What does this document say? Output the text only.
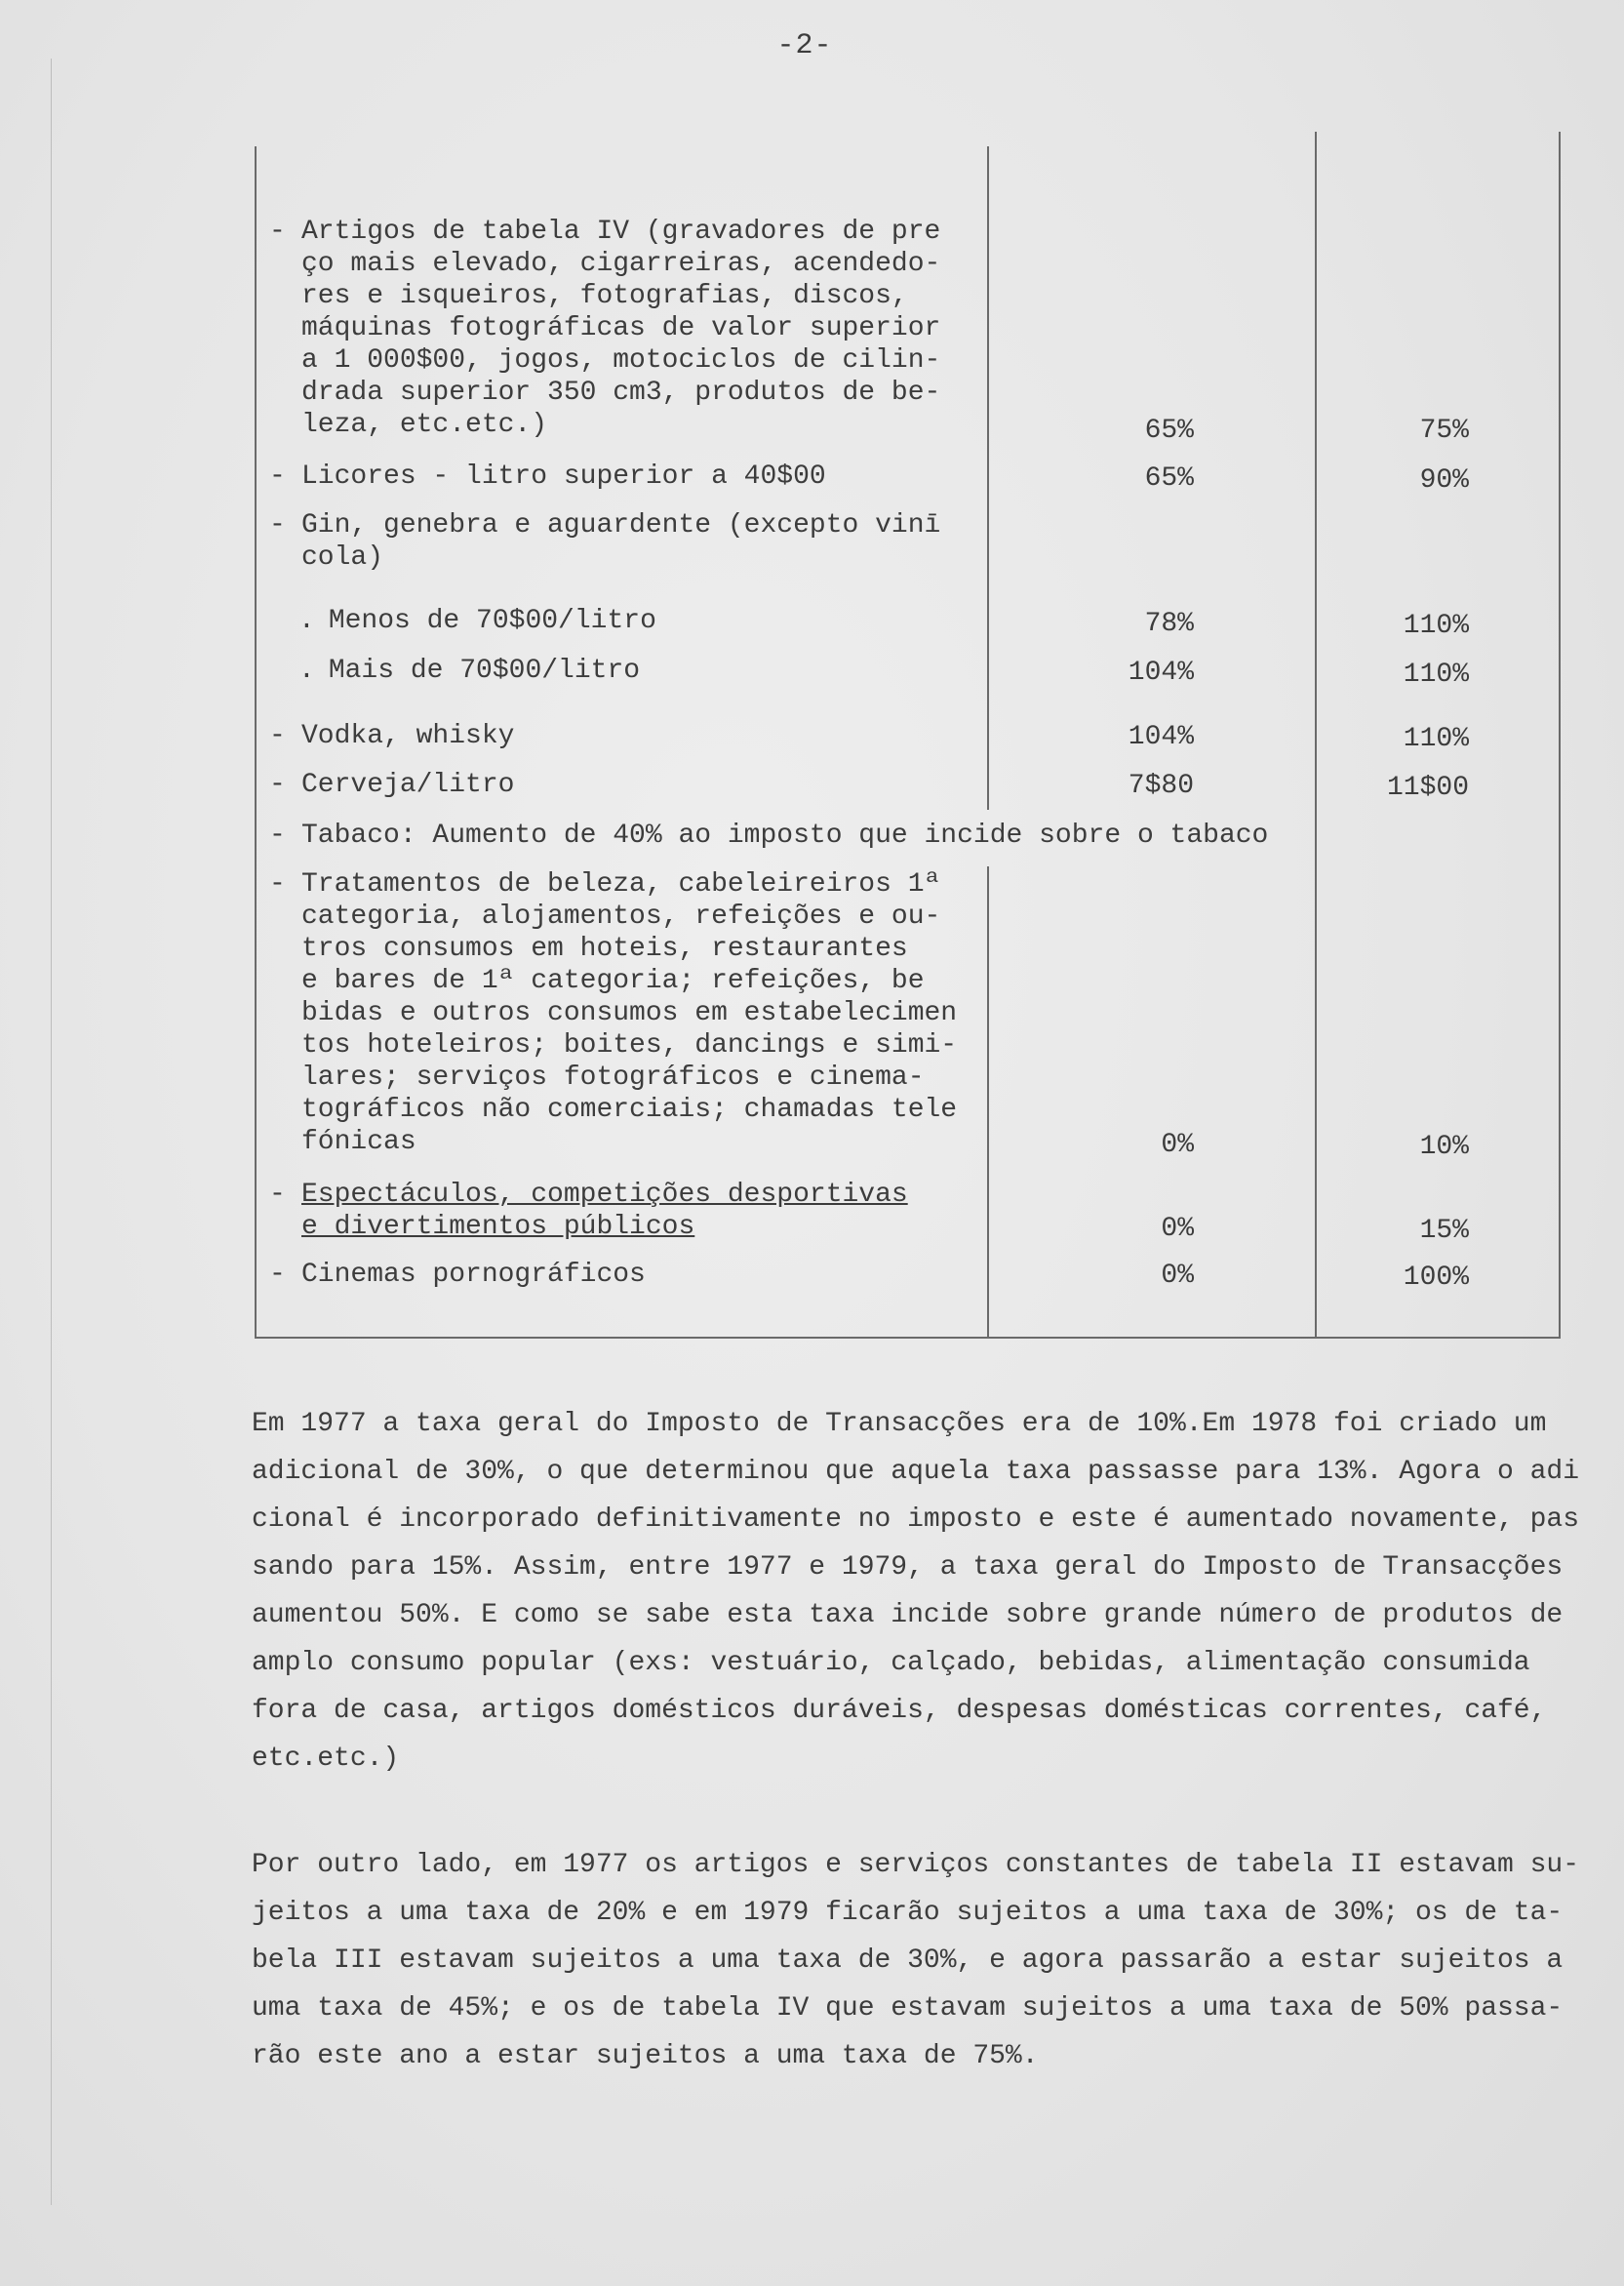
-2-
- Artigos de tabela IV (gravadores de pre
ço mais elevado, cigarreiras, acendedo-
res e isqueiros, fotografias, discos,
máquinas fotográficas de valor superior
a 1 000$00, jogos, motociclos de cilin-
drada superior 350 cm3, produtos de be-
leza, etc.etc.)	65%	75%
- Licores - litro superior a 40$00	65%	90%
- Gin, genebra e aguardente (excepto vinī
cola)
. Menos de 70$00/litro	78%	110%
. Mais de 70$00/litro	104%	110%
- Vodka, whisky	104%	110%
- Cerveja/litro	7$80	11$00
- Tabaco: Aumento de 40% ao imposto que incide sobre o tabaco
- Tratamentos de beleza, cabeleireiros 1ª
categoria, alojamentos, refeições e ou-
tros consumos em hoteis, restaurantes
e bares de 1ª categoria; refeições, be
bidas e outros consumos em estabelecimen
tos hoteleiros; boites, dancings e simi-
lares; serviços fotográficos e cinema-
tográficos não comerciais; chamadas tele
fónicas	0%	10%
- Espectáculos, competições desportivas
e divertimentos públicos	0%	15%
- Cinemas pornográficos	0%	100%
Em 1977 a taxa geral do Imposto de Transacções era de 10%.Em 1978 foi criado um
adicional de 30%, o que determinou que aquela taxa passasse para 13%. Agora o adi
cional é incorporado definitivamente no imposto e este é aumentado novamente, pas
sando para 15%. Assim, entre 1977 e 1979, a taxa geral do Imposto de Transacções
aumentou 50%. E como se sabe esta taxa incide sobre grande número de produtos de
amplo consumo popular (exs: vestuário, calçado, bebidas, alimentação consumida
fora de casa, artigos domésticos duráveis, despesas domésticas correntes, café,
etc.etc.)
Por outro lado, em 1977 os artigos e serviços constantes de tabela II estavam su-
jeitos a uma taxa de 20% e em 1979 ficarão sujeitos a uma taxa de 30%; os de ta-
bela III estavam sujeitos a uma taxa de 30%, e agora passarão a estar sujeitos a
uma taxa de 45%; e os de tabela IV que estavam sujeitos a uma taxa de 50% passa-
rão este ano a estar sujeitos a uma taxa de 75%.
